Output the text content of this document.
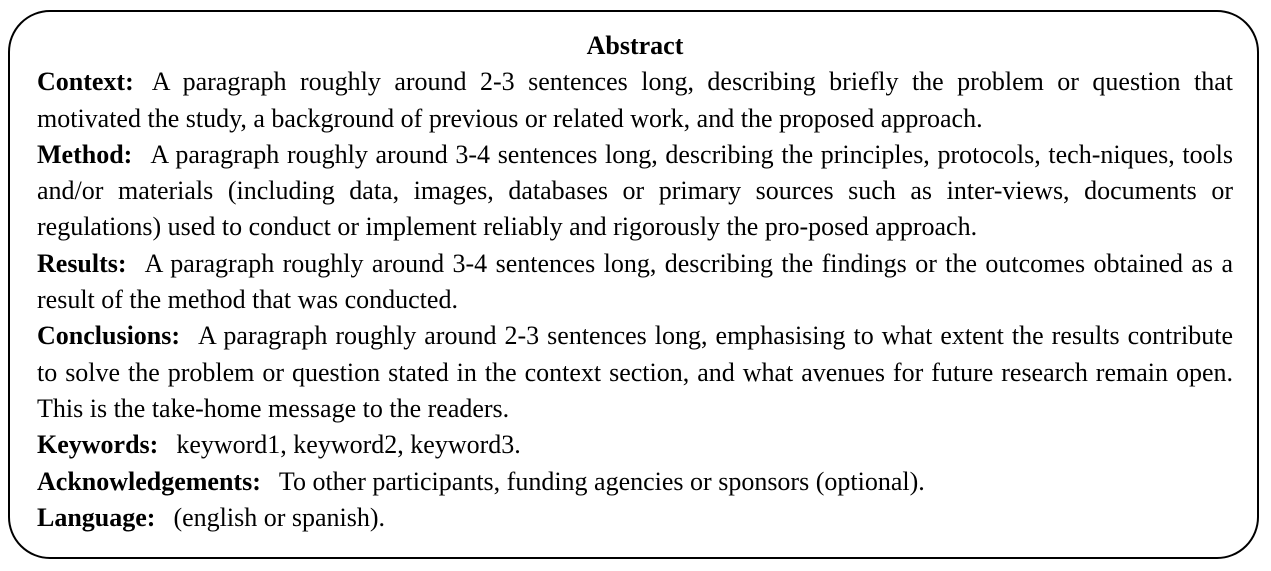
Abstract

Context: A paragraph roughly around 2-3 sentences long, describing briefly the problem or question that motivated the study, a background of previous or related work, and the proposed approach.

Method: A paragraph roughly around 3-4 sentences long, describing the principles, protocols, tech-niques, tools and/or materials (including data, images, databases or primary sources such as inter-views, documents or regulations) used to conduct or implement reliably and rigorously the pro-posed approach.

Results: A paragraph roughly around 3-4 sentences long, describing the findings or the outcomes obtained as a result of the method that was conducted.

Conclusions: A paragraph roughly around 2-3 sentences long, emphasising to what extent the results contribute to solve the problem or question stated in the context section, and what avenues for future research remain open. This is the take-home message to the readers.

Keywords: keyword1, keyword2, keyword3.

Acknowledgements: To other participants, funding agencies or sponsors (optional).

Language: (english or spanish).
